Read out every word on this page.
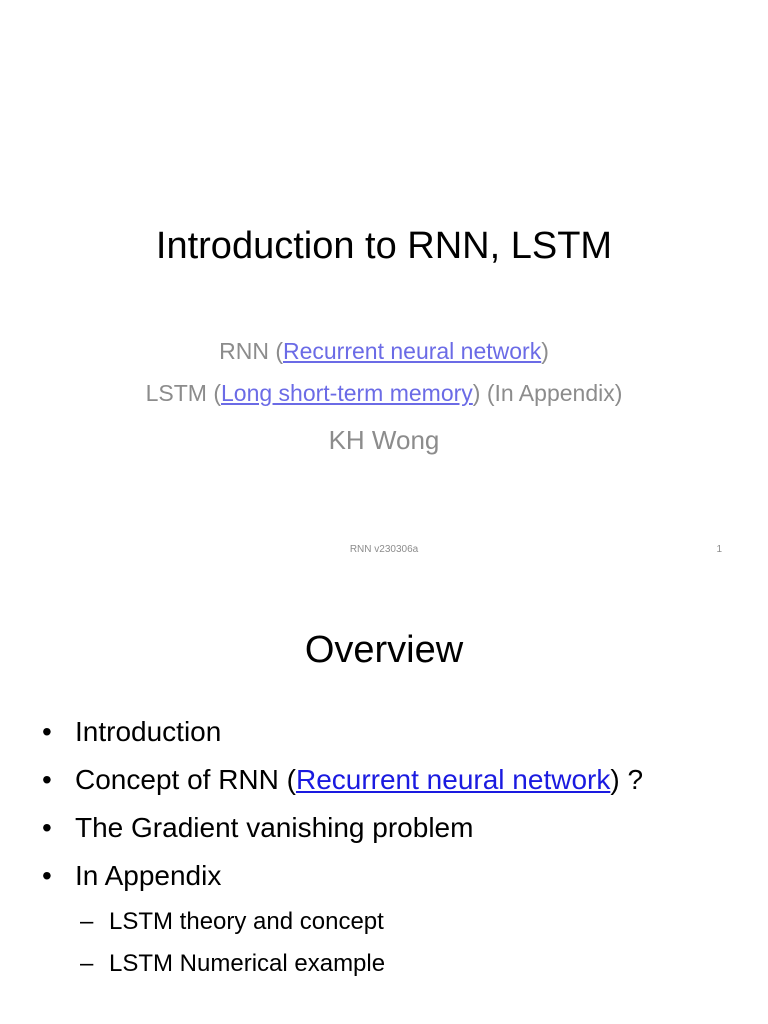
Introduction to RNN, LSTM
RNN (Recurrent neural network)
LSTM (Long short-term memory) (In Appendix)
KH Wong
RNN v230306a	1
Overview
• Introduction
• Concept of RNN (Recurrent neural network) ?
• The Gradient vanishing problem
• In Appendix
– LSTM theory and concept
– LSTM Numerical example
